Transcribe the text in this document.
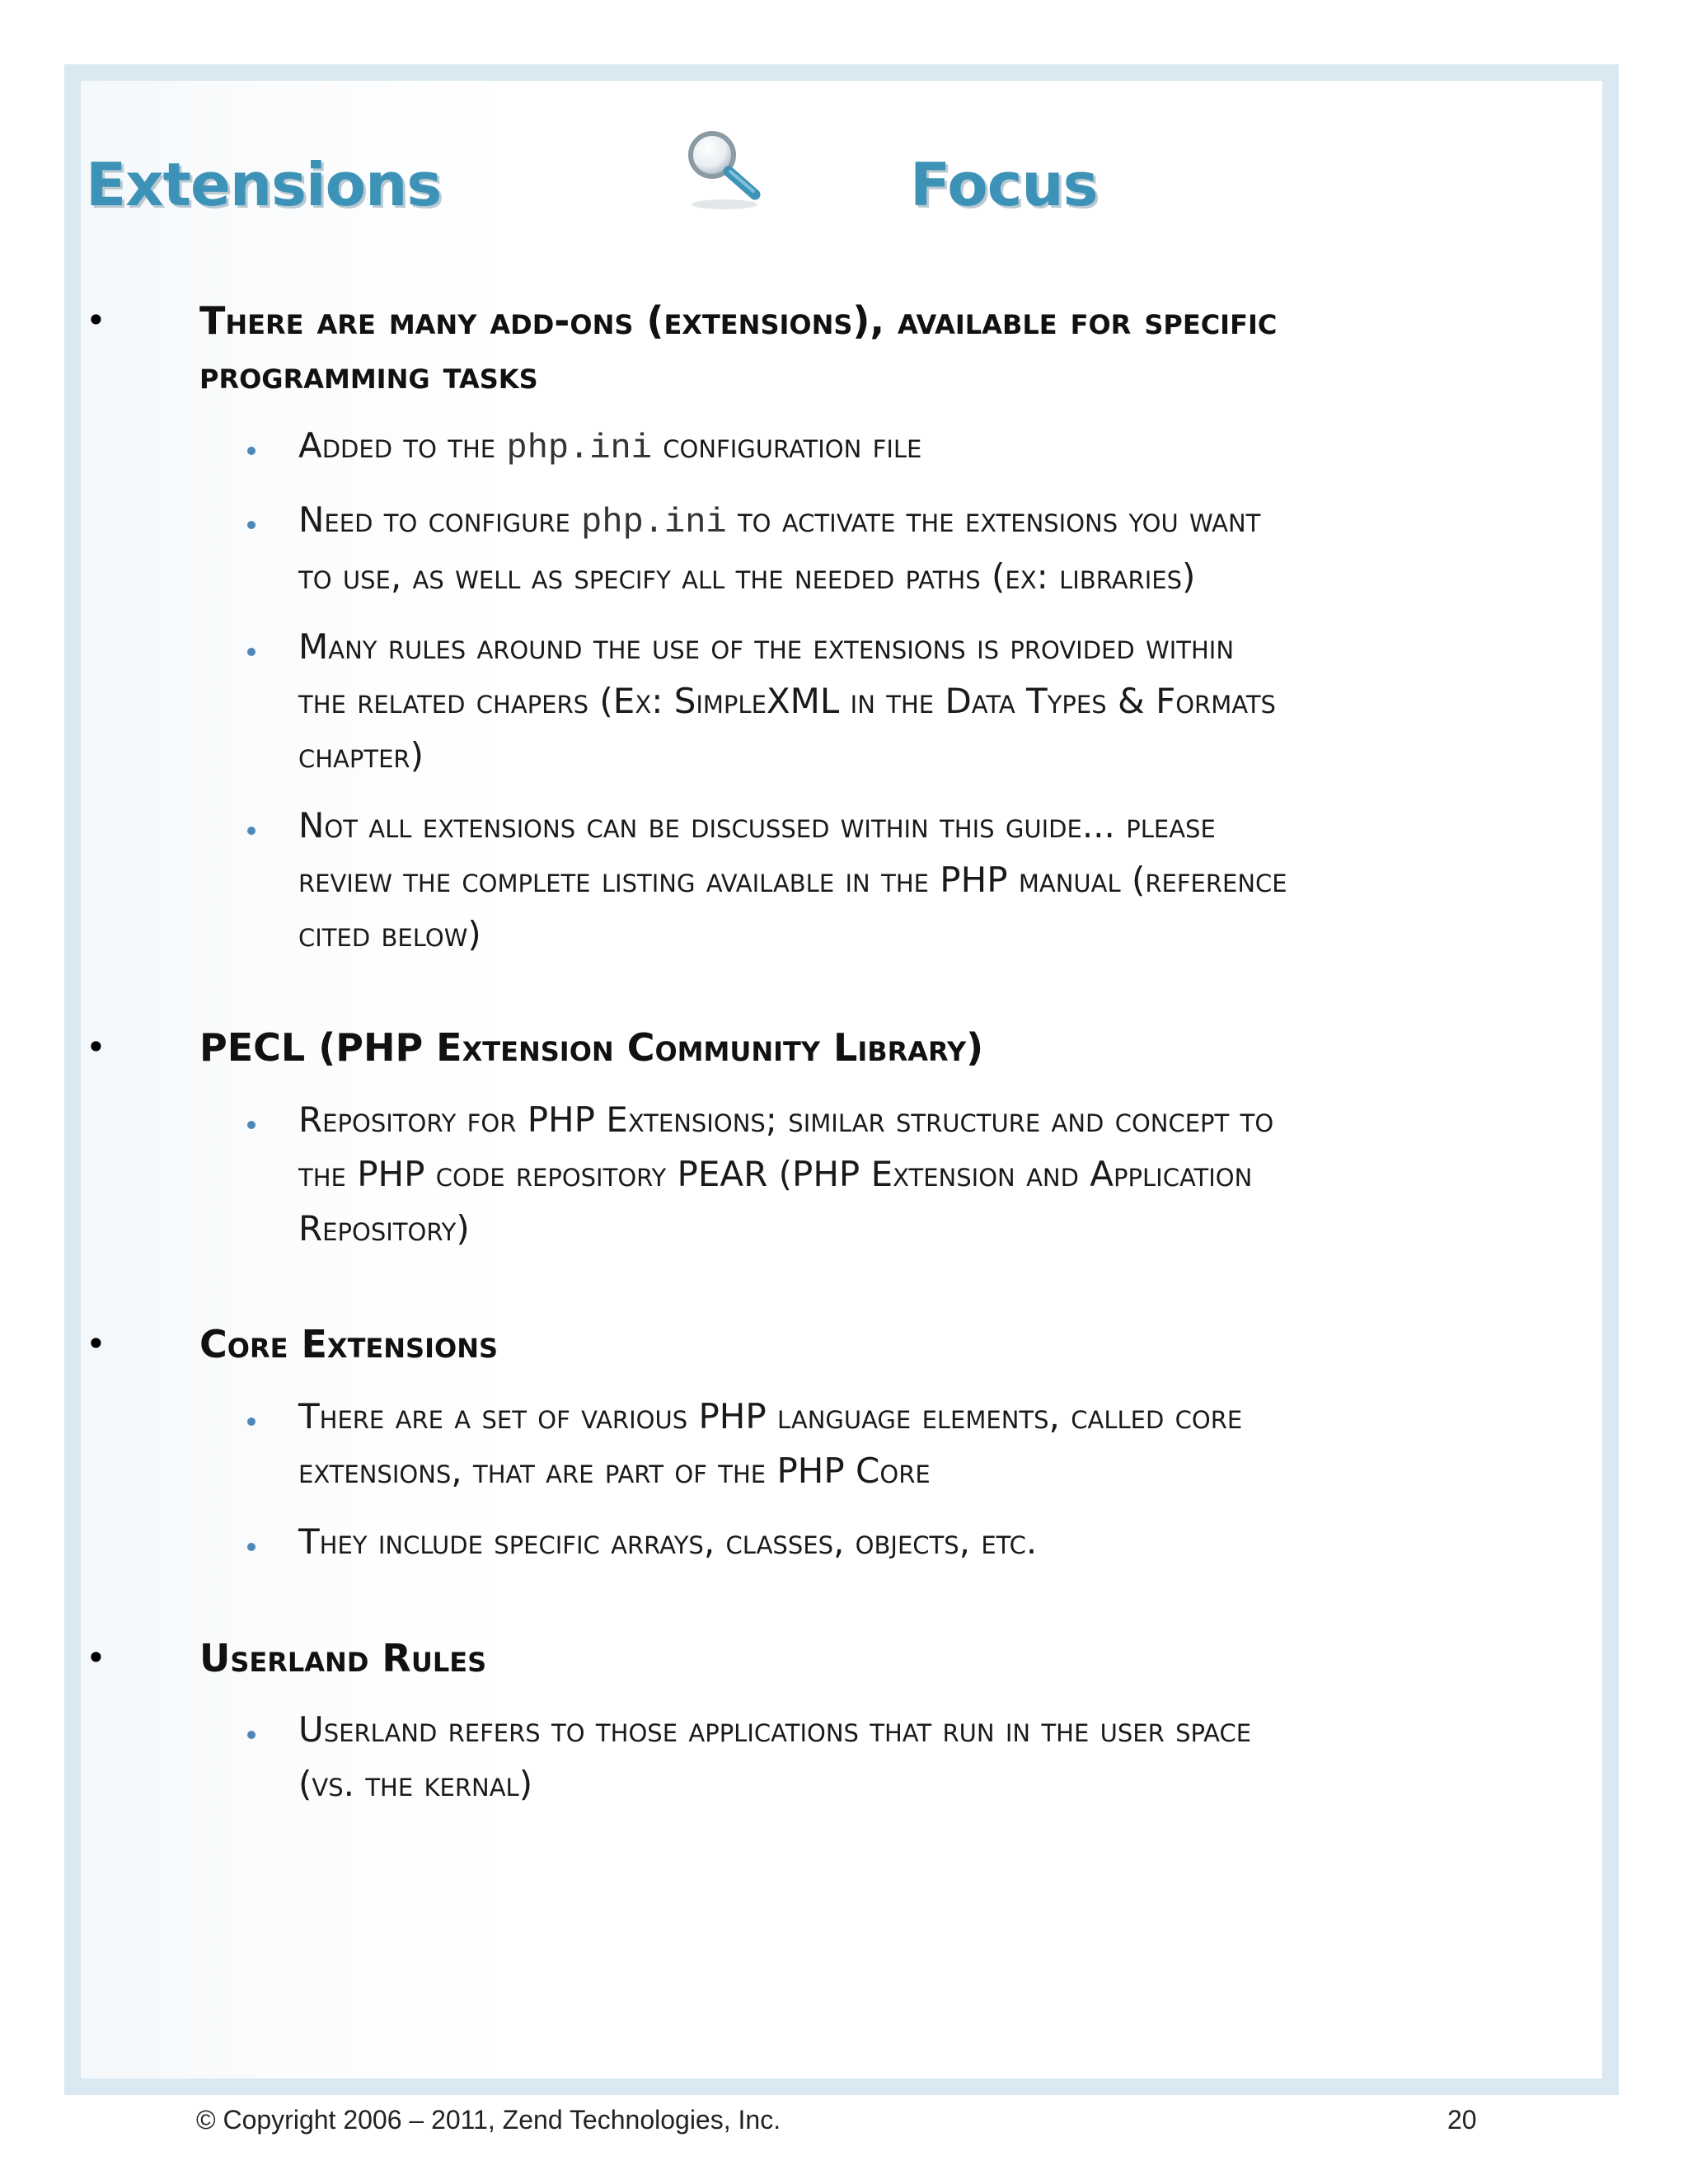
Extensions	Focus
• There are many add-ons (extensions), available for specific
programming tasks
Added to the php.ini configuration file
Need to configure php.ini to activate the extensions you want
to use, as well as specify all the needed paths (ex: libraries)
Many rules around the use of the extensions is provided within
the related chapers (Ex: SimpleXML in the Data Types & Formats
chapter)
Not all extensions can be discussed within this guide... please
review the complete listing available in the PHP manual (reference
cited below)
• PECL (PHP Extension Community Library)
Repository for PHP Extensions; similar structure and concept to
the PHP code repository PEAR (PHP Extension and Application
Repository)
• Core Extensions
There are a set of various PHP language elements, called core
extensions, that are part of the PHP Core
They include specific arrays, classes, objects, etc.
• Userland Rules
Userland refers to those applications that run in the user space
(vs. the kernal)
© Copyright 2006 – 2011, Zend Technologies, Inc.	20
